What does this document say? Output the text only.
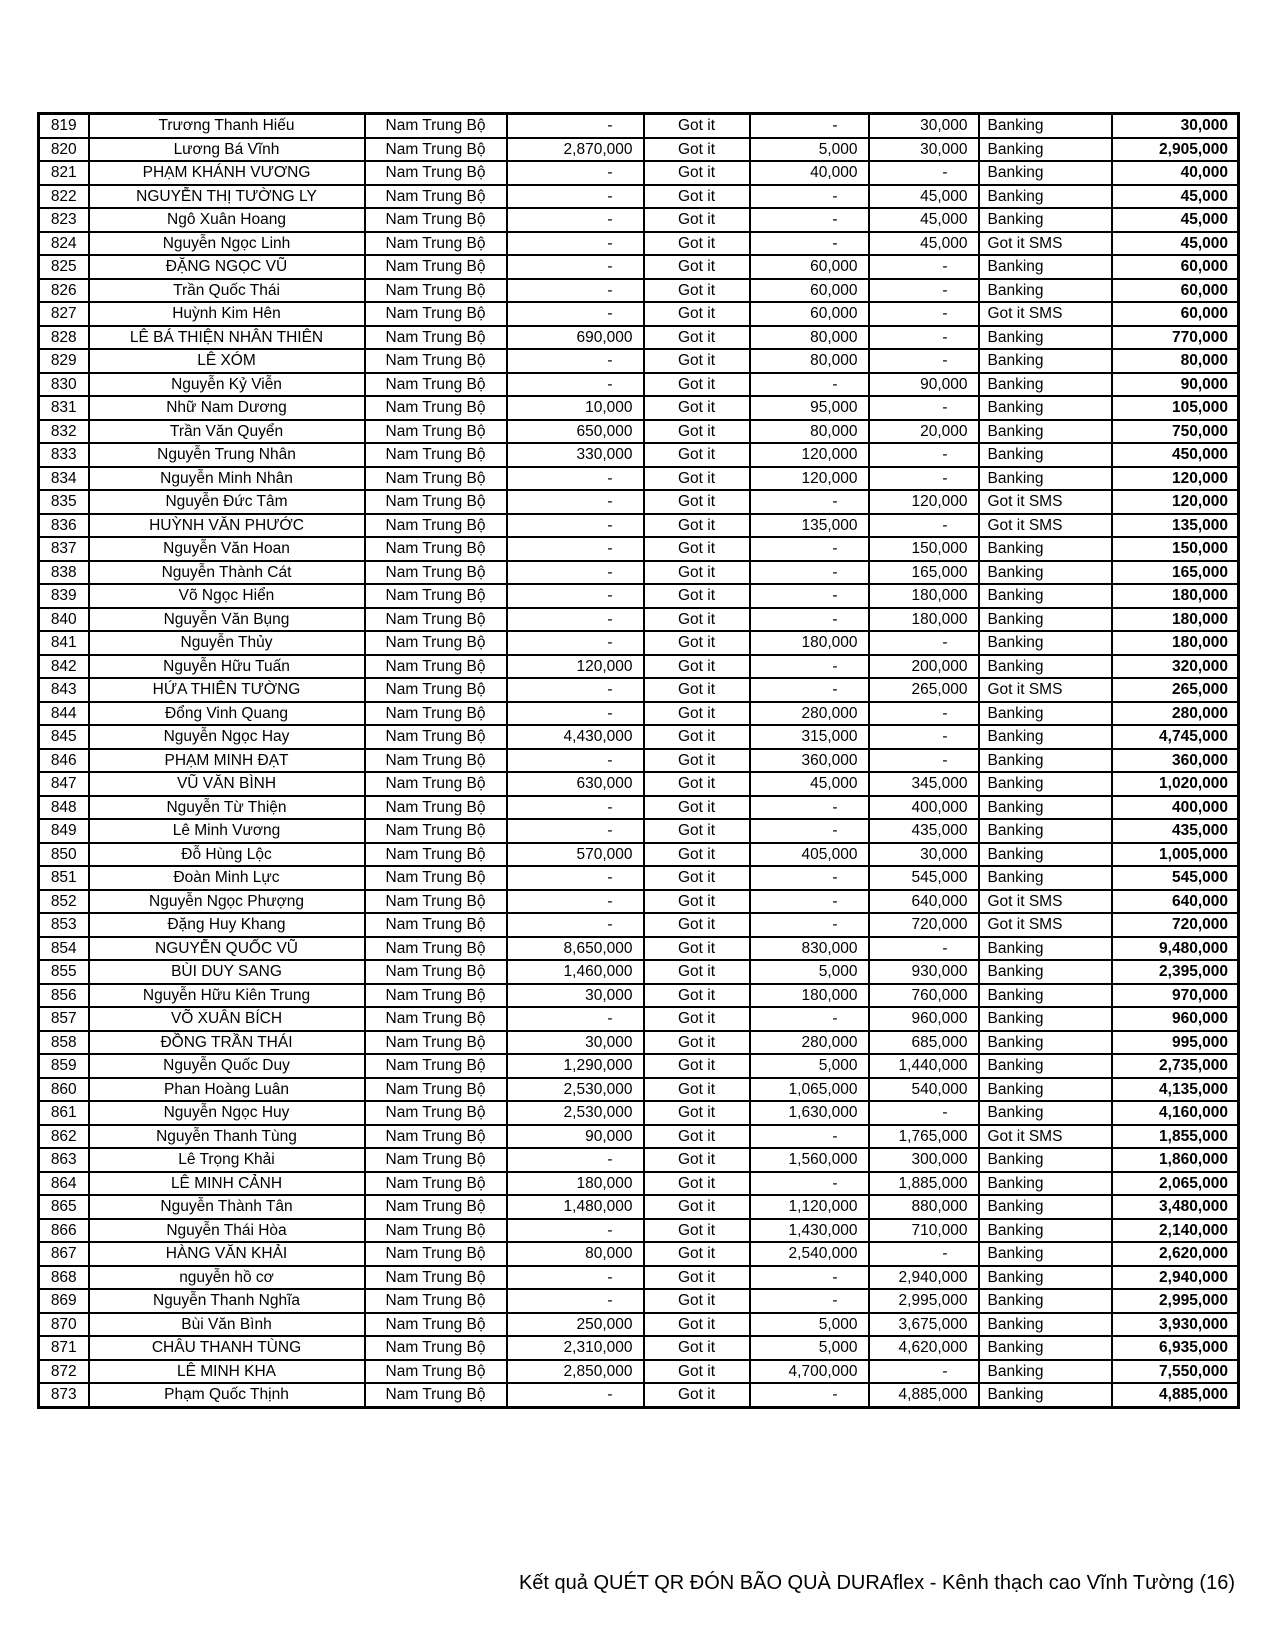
819	Trương Thanh Hiếu	Nam Trung Bộ	-	Got it	-	30,000	Banking	30,000
820	Lương Bá Vĩnh	Nam Trung Bộ	2,870,000	Got it	5,000	30,000	Banking	2,905,000
821	PHẠM KHÁNH VƯƠNG	Nam Trung Bộ	-	Got it	40,000	-	Banking	40,000
822	NGUYỄN THỊ TƯỜNG LY	Nam Trung Bộ	-	Got it	-	45,000	Banking	45,000
823	Ngô Xuân Hoang	Nam Trung Bộ	-	Got it	-	45,000	Banking	45,000
824	Nguyễn Ngọc Linh	Nam Trung Bộ	-	Got it	-	45,000	Got it SMS	45,000
825	ĐẶNG NGỌC VŨ	Nam Trung Bộ	-	Got it	60,000	-	Banking	60,000
826	Trần Quốc Thái	Nam Trung Bộ	-	Got it	60,000	-	Banking	60,000
827	Huỳnh Kim Hên	Nam Trung Bộ	-	Got it	60,000	-	Got it SMS	60,000
828	LÊ BÁ THIỆN NHÂN THIÊN	Nam Trung Bộ	690,000	Got it	80,000	-	Banking	770,000
829	LÊ XÓM	Nam Trung Bộ	-	Got it	80,000	-	Banking	80,000
830	Nguyễn Kỷ Viễn	Nam Trung Bộ	-	Got it	-	90,000	Banking	90,000
831	Nhữ Nam Dương	Nam Trung Bộ	10,000	Got it	95,000	-	Banking	105,000
832	Trần Văn Quyển	Nam Trung Bộ	650,000	Got it	80,000	20,000	Banking	750,000
833	Nguyễn Trung Nhân	Nam Trung Bộ	330,000	Got it	120,000	-	Banking	450,000
834	Nguyễn Minh Nhân	Nam Trung Bộ	-	Got it	120,000	-	Banking	120,000
835	Nguyễn Đức Tâm	Nam Trung Bộ	-	Got it	-	120,000	Got it SMS	120,000
836	HUỲNH VĂN PHƯỚC	Nam Trung Bộ	-	Got it	135,000	-	Got it SMS	135,000
837	Nguyễn Văn Hoan	Nam Trung Bộ	-	Got it	-	150,000	Banking	150,000
838	Nguyễn Thành Cát	Nam Trung Bộ	-	Got it	-	165,000	Banking	165,000
839	Võ Ngọc Hiển	Nam Trung Bộ	-	Got it	-	180,000	Banking	180,000
840	Nguyễn Văn Bụng	Nam Trung Bộ	-	Got it	-	180,000	Banking	180,000
841	Nguyễn Thủy	Nam Trung Bộ	-	Got it	180,000	-	Banking	180,000
842	Nguyễn Hữu Tuấn	Nam Trung Bộ	120,000	Got it	-	200,000	Banking	320,000
843	HỨA THIÊN TƯỜNG	Nam Trung Bộ	-	Got it	-	265,000	Got it SMS	265,000
844	Đổng Vinh Quang	Nam Trung Bộ	-	Got it	280,000	-	Banking	280,000
845	Nguyễn Ngọc Hay	Nam Trung Bộ	4,430,000	Got it	315,000	-	Banking	4,745,000
846	PHẠM MINH ĐẠT	Nam Trung Bộ	-	Got it	360,000	-	Banking	360,000
847	VŨ VĂN BÌNH	Nam Trung Bộ	630,000	Got it	45,000	345,000	Banking	1,020,000
848	Nguyễn Từ Thiện	Nam Trung Bộ	-	Got it	-	400,000	Banking	400,000
849	Lê Minh Vương	Nam Trung Bộ	-	Got it	-	435,000	Banking	435,000
850	Đỗ Hùng Lộc	Nam Trung Bộ	570,000	Got it	405,000	30,000	Banking	1,005,000
851	Đoàn Minh Lực	Nam Trung Bộ	-	Got it	-	545,000	Banking	545,000
852	Nguyễn Ngọc Phượng	Nam Trung Bộ	-	Got it	-	640,000	Got it SMS	640,000
853	Đặng Huy Khang	Nam Trung Bộ	-	Got it	-	720,000	Got it SMS	720,000
854	NGUYỄN QUỐC VŨ	Nam Trung Bộ	8,650,000	Got it	830,000	-	Banking	9,480,000
855	BÙI DUY SANG	Nam Trung Bộ	1,460,000	Got it	5,000	930,000	Banking	2,395,000
856	Nguyễn Hữu Kiên Trung	Nam Trung Bộ	30,000	Got it	180,000	760,000	Banking	970,000
857	VÕ XUÂN BÍCH	Nam Trung Bộ	-	Got it	-	960,000	Banking	960,000
858	ĐỒNG TRẦN THÁI	Nam Trung Bộ	30,000	Got it	280,000	685,000	Banking	995,000
859	Nguyễn Quốc Duy	Nam Trung Bộ	1,290,000	Got it	5,000	1,440,000	Banking	2,735,000
860	Phan Hoàng Luân	Nam Trung Bộ	2,530,000	Got it	1,065,000	540,000	Banking	4,135,000
861	Nguyễn Ngọc Huy	Nam Trung Bộ	2,530,000	Got it	1,630,000	-	Banking	4,160,000
862	Nguyễn Thanh Tùng	Nam Trung Bộ	90,000	Got it	-	1,765,000	Got it SMS	1,855,000
863	Lê Trọng Khải	Nam Trung Bộ	-	Got it	1,560,000	300,000	Banking	1,860,000
864	LÊ MINH CẢNH	Nam Trung Bộ	180,000	Got it	-	1,885,000	Banking	2,065,000
865	Nguyễn Thành Tân	Nam Trung Bộ	1,480,000	Got it	1,120,000	880,000	Banking	3,480,000
866	Nguyễn Thái Hòa	Nam Trung Bộ	-	Got it	1,430,000	710,000	Banking	2,140,000
867	HÀNG VĂN KHẢI	Nam Trung Bộ	80,000	Got it	2,540,000	-	Banking	2,620,000
868	nguyễn hồ cơ	Nam Trung Bộ	-	Got it	-	2,940,000	Banking	2,940,000
869	Nguyễn Thanh Nghĩa	Nam Trung Bộ	-	Got it	-	2,995,000	Banking	2,995,000
870	Bùi Văn Bình	Nam Trung Bộ	250,000	Got it	5,000	3,675,000	Banking	3,930,000
871	CHÂU THANH TÙNG	Nam Trung Bộ	2,310,000	Got it	5,000	4,620,000	Banking	6,935,000
872	LÊ MINH KHA	Nam Trung Bộ	2,850,000	Got it	4,700,000	-	Banking	7,550,000
873	Phạm Quốc Thịnh	Nam Trung Bộ	-	Got it	-	4,885,000	Banking	4,885,000
Kết quả QUÉT QR ĐÓN BÃO QUÀ DURAflex - Kênh thạch cao Vĩnh Tường (16)
